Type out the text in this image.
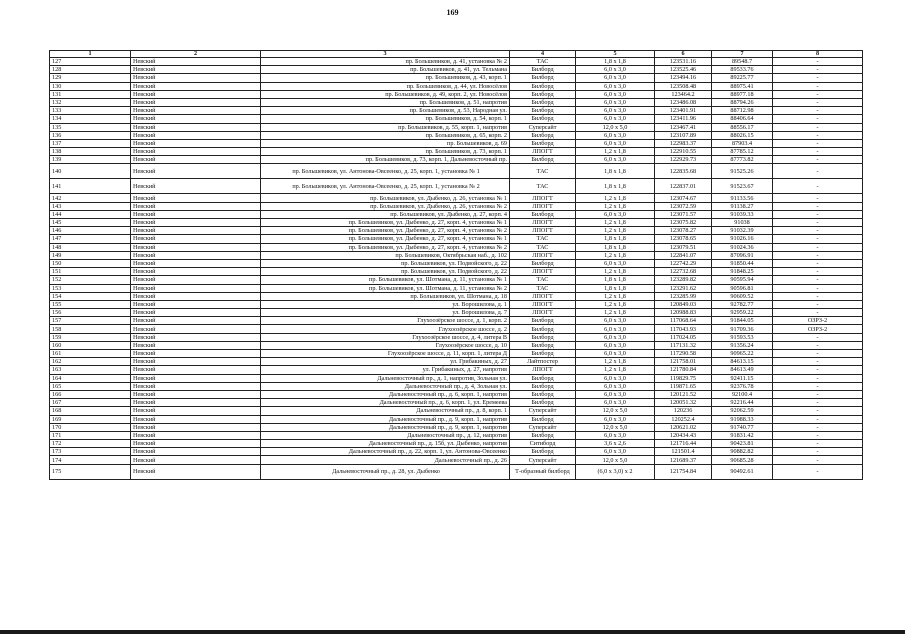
169
1	2	3	4	5	6	7	8
127	Невский	пр. Большевиков, д. 41, установка № 2	ТАС	1,8 х 1,8	123531.16	89548.7	-
128	Невский	пр. Большевиков, д. 41, ул. Тельмана	Билборд	6,0 х 3,0	123525.46	89533.76	-
129	Невский	пр. Большевиков, д. 43, корп. 1	Билборд	6,0 х 3,0	123494.16	89225.77	-
130	Невский	пр. Большевиков, д. 44, ул. Новосёлов	Билборд	6,0 х 3,0	123508.48	88975.41	-
131	Невский	пр. Большевиков, д. 49, корп. 2, ул. Новосёлов	Билборд	6,0 х 3,0	123464.2	88977.18	-
132	Невский	пр. Большевиков, д. 51, напротив	Билборд	6,0 х 3,0	123486.08	88794.26	-
133	Невский	пр. Большевиков, д. 53, Народная ул.	Билборд	6,0 х 3,0	123401.91	88712.98	-
134	Невский	пр. Большевиков, д. 54, корп. 1	Билборд	6,0 х 3,0	123411.96	88406.64	-
135	Невский	пр. Большевиков, д. 55, корп. 1, напротив	Суперсайт	12,0 х 5,0	123467.41	88556.17	-
136	Невский	пр. Большевиков, д. 65, корп. 2	Билборд	6,0 х 3,0	123107.89	88026.15	-
137	Невский	пр. Большевиков, д. 69	Билборд	6,0 х 3,0	122983.37	87903.4	-
138	Невский	пр. Большевиков, д. 73, корп. 1	ЛПОГТ	1,2 х 1,8	122910.55	87785.12	-
139	Невский	пр. Большевиков, д. 73, корп. 1, Дальневосточный пр.	Билборд	6,0 х 3,0	122929.73	87773.82	-
140	Невский	пр. Большевиков, ул. Антонова-Овсеенко, д. 25, корп. 1, установка № 1	ТАС	1,8 х 1,8	122835.68	91525.26	-
141	Невский	пр. Большевиков, ул. Антонова-Овсеенко, д. 25, корп. 1, установка № 2	ТАС	1,8 х 1,8	122837.01	91523.67	-
142	Невский	пр. Большевиков, ул. Дыбенко, д. 26, установка № 1	ЛПОГТ	1,2 х 1,8	123074.67	91133.56	-
143	Невский	пр. Большевиков, ул. Дыбенко, д. 26, установка № 2	ЛПОГТ	1,2 х 1,8	123072.59	91138.27	-
144	Невский	пр. Большевиков, ул. Дыбенко, д. 27, корп. 4	Билборд	6,0 х 3,0	123071.57	91039.33	-
145	Невский	пр. Большевиков, ул. Дыбенко, д. 27, корп. 4, установка № 1	ЛПОГТ	1,2 х 1,8	123075.82	91038	-
146	Невский	пр. Большевиков, ул. Дыбенко, д. 27, корп. 4, установка № 2	ЛПОГТ	1,2 х 1,8	123078.27	91032.39	-
147	Невский	пр. Большевиков, ул. Дыбенко, д. 27, корп. 4, установка № 1	ТАС	1,8 х 1,8	123078.65	91026.16	-
148	Невский	пр. Большевиков, ул. Дыбенко, д. 27, корп. 4, установка № 2	ТАС	1,8 х 1,8	123079.51	91024.36	-
149	Невский	пр. Большевиков, Октябрьская наб., д. 102	ЛПОГТ	1,2 х 1,8	122841.07	87096.91	-
150	Невский	пр. Большевиков, ул. Подвойского, д. 22	Билборд	6,0 х 3,0	122742.29	91850.44	-
151	Невский	пр. Большевиков, ул. Подвойского, д. 22	ЛПОГТ	1,2 х 1,8	122732.68	91848.25	-
152	Невский	пр. Большевиков, ул. Шотмана, д. 11, установка № 1	ТАС	1,8 х 1,8	123289.82	90595.94	-
153	Невский	пр. Большевиков, ул. Шотмана, д. 11, установка № 2	ТАС	1,8 х 1,8	123291.62	90596.81	-
154	Невский	пр. Большевиков, ул. Шотмана, д. 18	ЛПОГТ	1,2 х 1,8	123285.99	90609.52	-
155	Невский	ул. Ворошилова, д. 1	ЛПОГТ	1,2 х 1,8	120849.03	92782.77	-
156	Невский	ул. Ворошилова, д. 7	ЛПОГТ	1,2 х 1,8	120988.83	92959.22	-
157	Невский	Глухоозёрское шоссе, д. 1, корп. 2	Билборд	6,0 х 3,0	117068.64	91844.05	ОЗРЗ-2
158	Невский	Глухоозёрское шоссе, д. 2	Билборд	6,0 х 3,0	117043.93	91709.36	ОЗРЗ-2
159	Невский	Глухоозёрское шоссе, д. 4, литера В	Билборд	6,0 х 3,0	117024.05	91593.53	-
160	Невский	Глухоозёрское шоссе, д. 10	Билборд	6,0 х 3,0	117131.32	91356.24	-
161	Невский	Глухоозёрское шоссе, д. 11, корп. 1, литера Д	Билборд	6,0 х 3,0	117290.58	90965.22	-
162	Невский	ул. Грибакиных, д. 27	Лайтпостер	1,2 х 1,8	121758.01	84613.15	-
163	Невский	ул. Грибакиных, д. 27, напротив	ЛПОГТ	1,2 х 1,8	121780.84	84613.49	-
164	Невский	Дальневосточный пр., д. 1, напротив, Зольная ул.	Билборд	6,0 х 3,0	119829.75	92411.15	-
165	Невский	Дальневосточный пр., д. 4, Зольная ул.	Билборд	6,0 х 3,0	119871.65	92376.78	-
166	Невский	Дальневосточный пр., д. 6, корп. 1, напротив	Билборд	6,0 х 3,0	120121.52	92100.4	-
167	Невский	Дальневосточный пр., д. 6, корп. 1, ул. Еремеева	Билборд	6,0 х 3,0	120051.32	92216.44	-
168	Невский	Дальневосточный пр., д. 8, корп. 1	Суперсайт	12,0 х 5,0	120236	92062.59	-
169	Невский	Дальневосточный пр., д. 9, корп. 1, напротив	Билборд	6,0 х 3,0	120252.4	91988.33	-
170	Невский	Дальневосточный пр., д. 9, корп. 1, напротив	Суперсайт	12,0 х 5,0	120621.02	91740.77	-
171	Невский	Дальневосточный пр., д. 12, напротив	Билборд	6,0 х 3,0	120434.43	91831.42	-
172	Невский	Дальневосточный пр., д. 15б, ул. Дыбенко, напротив	Ситиборд	3,6 х 2,6	121716.44	90423.81	-
173	Невский	Дальневосточный пр., д. 22, корп. 1, ул. Антонова-Овсеенко	Билборд	6,0 х 3,0	121501.4	90882.82	-
174	Невский	Дальневосточный пр., д. 26	Суперсайт	12,0 х 5,0	121689.37	90685.28	-
175	Невский	Дальневосточный пр., д. 28, ул. Дыбенко	Т-образный билборд	(6,0 х 3,0) х 2	121754.84	90492.61	-
